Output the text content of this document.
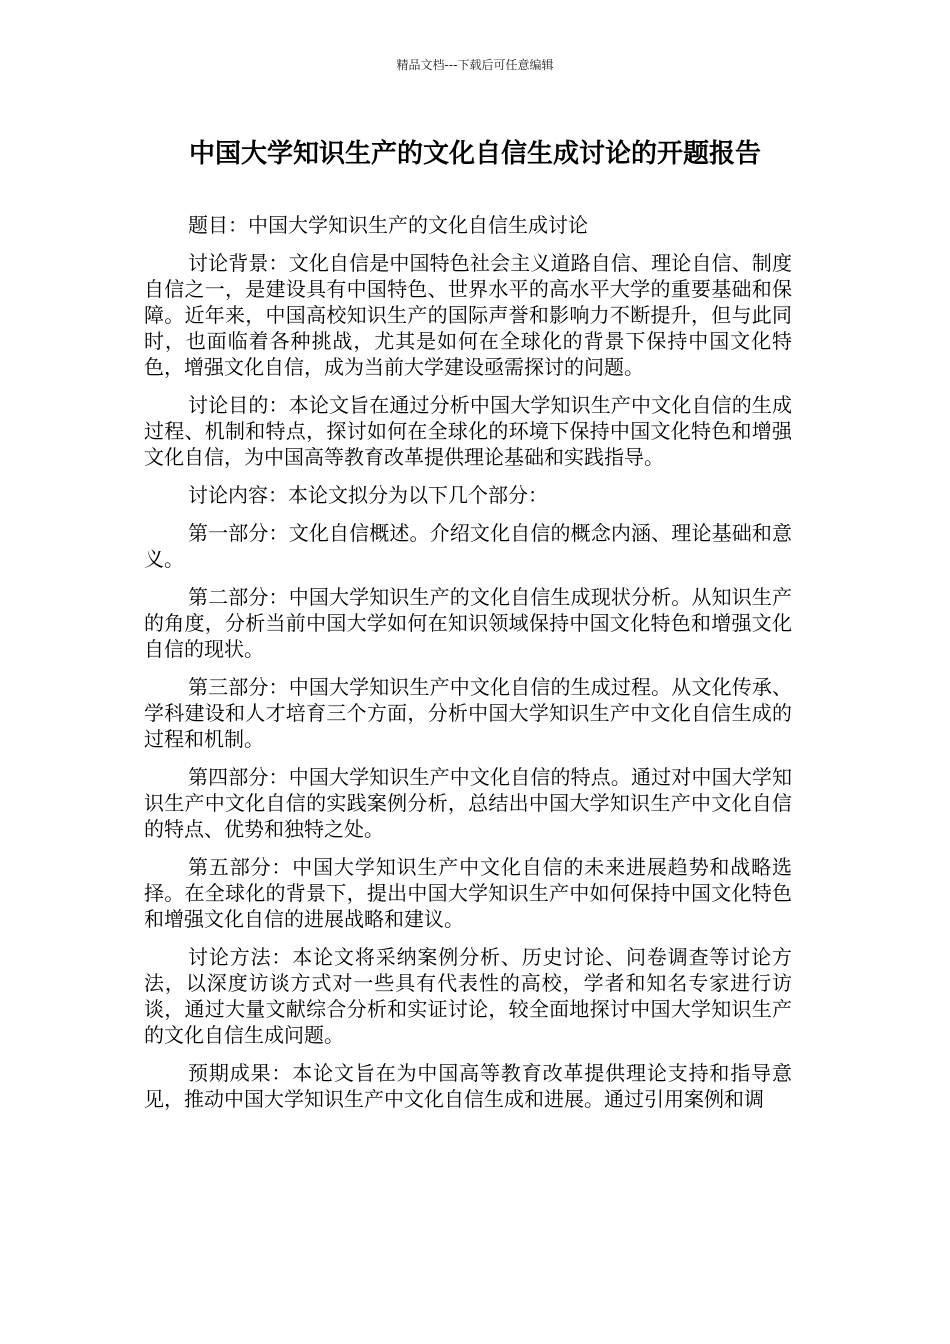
精品文档---下载后可任意编辑
中国大学知识生产的文化自信生成讨论的开题报告

题目：中国大学知识生产的文化自信生成讨论

讨论背景：文化自信是中国特色社会主义道路自信、理论自信、制度自信之一，是建设具有中国特色、世界水平的高水平大学的重要基础和保障。近年来，中国高校知识生产的国际声誉和影响力不断提升，但与此同时，也面临着各种挑战，尤其是如何在全球化的背景下保持中国文化特色，增强文化自信，成为当前大学建设亟需探讨的问题。

讨论目的：本论文旨在通过分析中国大学知识生产中文化自信的生成过程、机制和特点，探讨如何在全球化的环境下保持中国文化特色和增强文化自信，为中国高等教育改革提供理论基础和实践指导。

讨论内容：本论文拟分为以下几个部分：

第一部分：文化自信概述。介绍文化自信的概念内涵、理论基础和意义。

第二部分：中国大学知识生产的文化自信生成现状分析。从知识生产的角度，分析当前中国大学如何在知识领域保持中国文化特色和增强文化自信的现状。

第三部分：中国大学知识生产中文化自信的生成过程。从文化传承、学科建设和人才培育三个方面，分析中国大学知识生产中文化自信生成的过程和机制。

第四部分：中国大学知识生产中文化自信的特点。通过对中国大学知识生产中文化自信的实践案例分析，总结出中国大学知识生产中文化自信的特点、优势和独特之处。

第五部分：中国大学知识生产中文化自信的未来进展趋势和战略选择。在全球化的背景下，提出中国大学知识生产中如何保持中国文化特色和增强文化自信的进展战略和建议。

讨论方法：本论文将采纳案例分析、历史讨论、问卷调查等讨论方法，以深度访谈方式对一些具有代表性的高校，学者和知名专家进行访谈，通过大量文献综合分析和实证讨论，较全面地探讨中国大学知识生产的文化自信生成问题。

预期成果：本论文旨在为中国高等教育改革提供理论支持和指导意见，推动中国大学知识生产中文化自信生成和进展。通过引用案例和调
